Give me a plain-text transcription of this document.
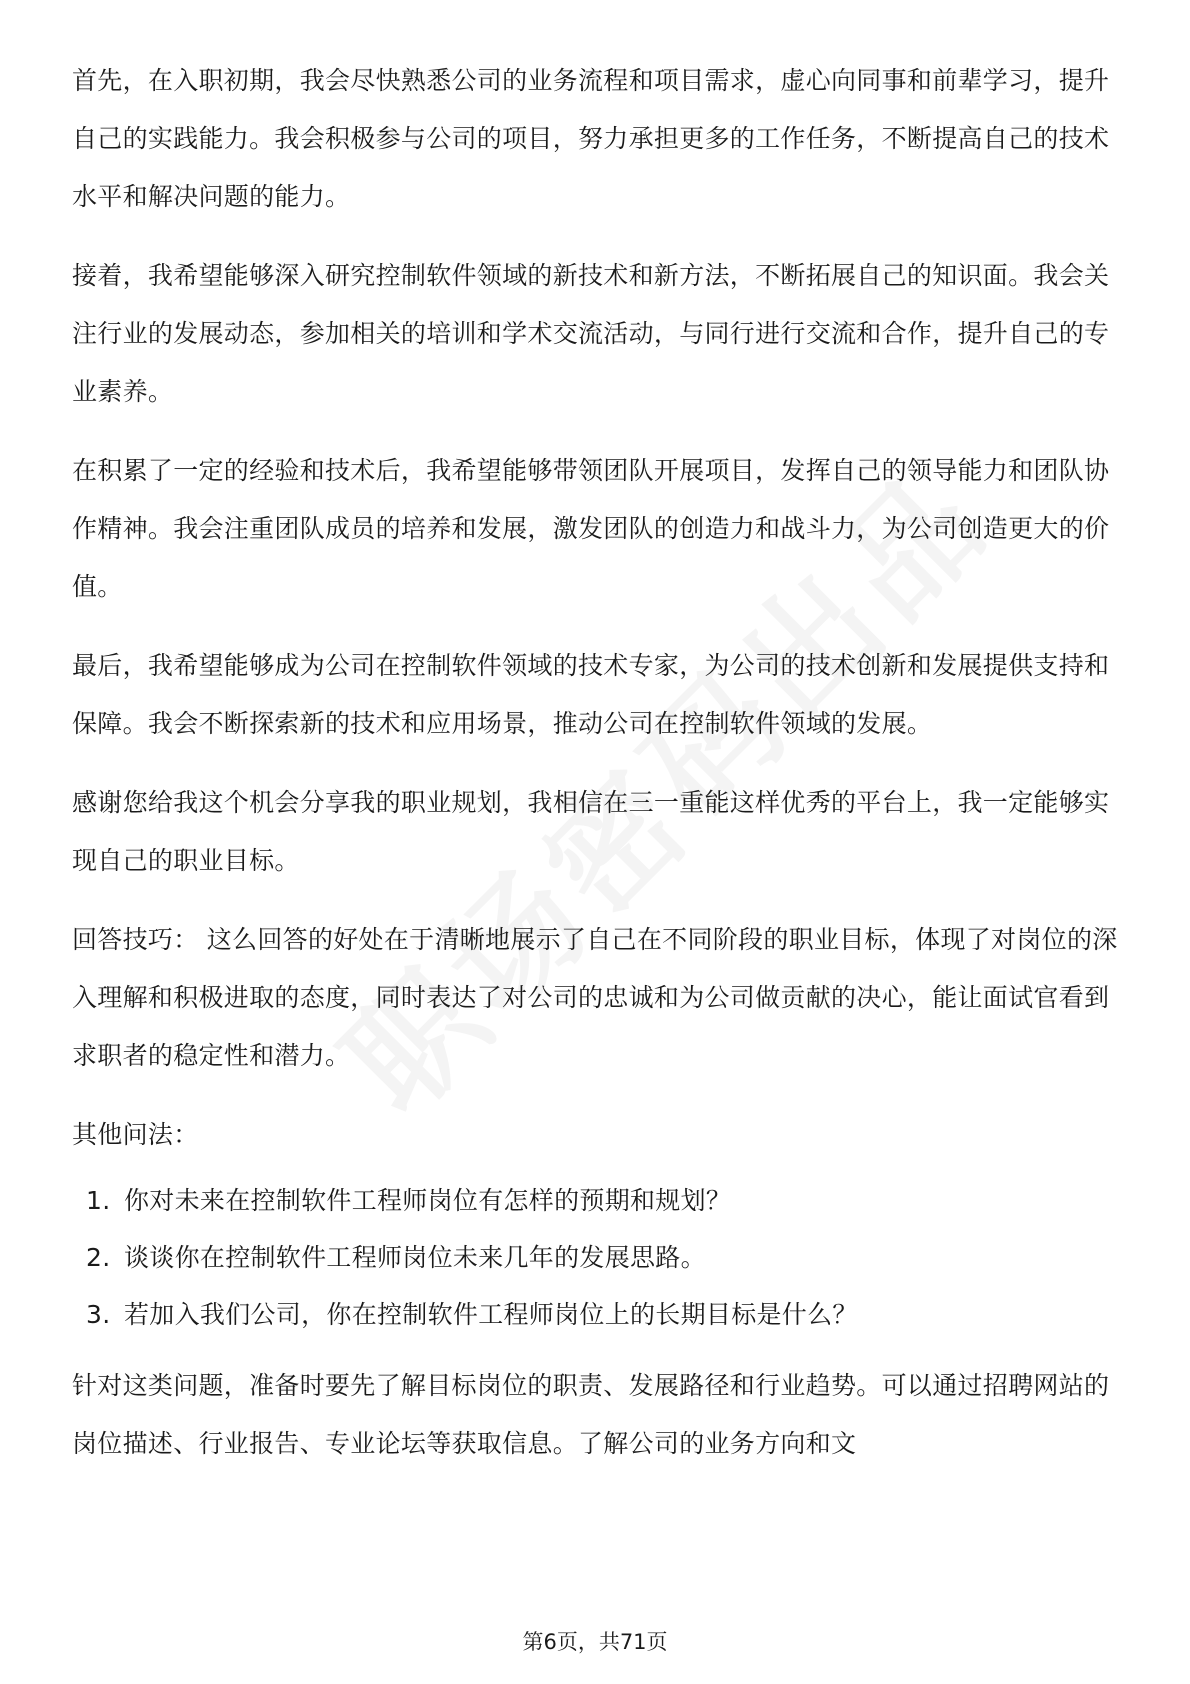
首先，在入职初期，我会尽快熟悉公司的业务流程和项目需求，虚心向同事和前辈学习，提升自己的实践能力。我会积极参与公司的项目，努力承担更多的工作任务，不断提高自己的技术水平和解决问题的能力。

接着，我希望能够深入研究控制软件领域的新技术和新方法，不断拓展自己的知识面。我会关注行业的发展动态，参加相关的培训和学术交流活动，与同行进行交流和合作，提升自己的专业素养。

在积累了一定的经验和技术后，我希望能够带领团队开展项目，发挥自己的领导能力和团队协作精神。我会注重团队成员的培养和发展，激发团队的创造力和战斗力，为公司创造更大的价值。

最后，我希望能够成为公司在控制软件领域的技术专家，为公司的技术创新和发展提供支持和保障。我会不断探索新的技术和应用场景，推动公司在控制软件领域的发展。

感谢您给我这个机会分享我的职业规划，我相信在三一重能这样优秀的平台上，我一定能够实现自己的职业目标。

回答技巧： 这么回答的好处在于清晰地展示了自己在不同阶段的职业目标，体现了对岗位的深入理解和积极进取的态度，同时表达了对公司的忠诚和为公司做贡献的决心，能让面试官看到求职者的稳定性和潜力。

其他问法：

1. 你对未来在控制软件工程师岗位有怎样的预期和规划？
2. 谈谈你在控制软件工程师岗位未来几年的发展思路。
3. 若加入我们公司，你在控制软件工程师岗位上的长期目标是什么？

针对这类问题，准备时要先了解目标岗位的职责、发展路径和行业趋势。可以通过招聘网站的岗位描述、行业报告、专业论坛等获取信息。了解公司的业务方向和文

第6页，共71页
